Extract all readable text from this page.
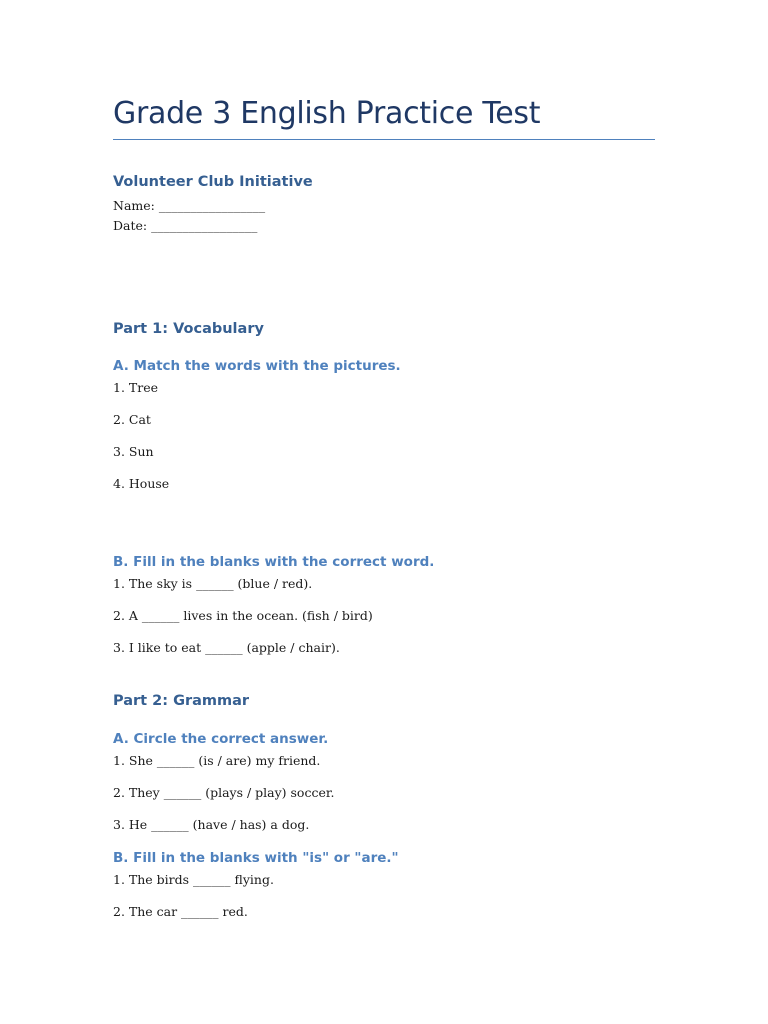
Grade 3 English Practice Test
Volunteer Club Initiative
Name: _________________
Date: _________________
Part 1: Vocabulary
A. Match the words with the pictures.
1. Tree
2. Cat
3. Sun
4. House
B. Fill in the blanks with the correct word.
1. The sky is ______ (blue / red).
2. A ______ lives in the ocean. (fish / bird)
3. I like to eat ______ (apple / chair).
Part 2: Grammar
A. Circle the correct answer.
1. She ______ (is / are) my friend.
2. They ______ (plays / play) soccer.
3. He ______ (have / has) a dog.
B. Fill in the blanks with "is" or "are."
1. The birds ______ flying.
2. The car ______ red.
